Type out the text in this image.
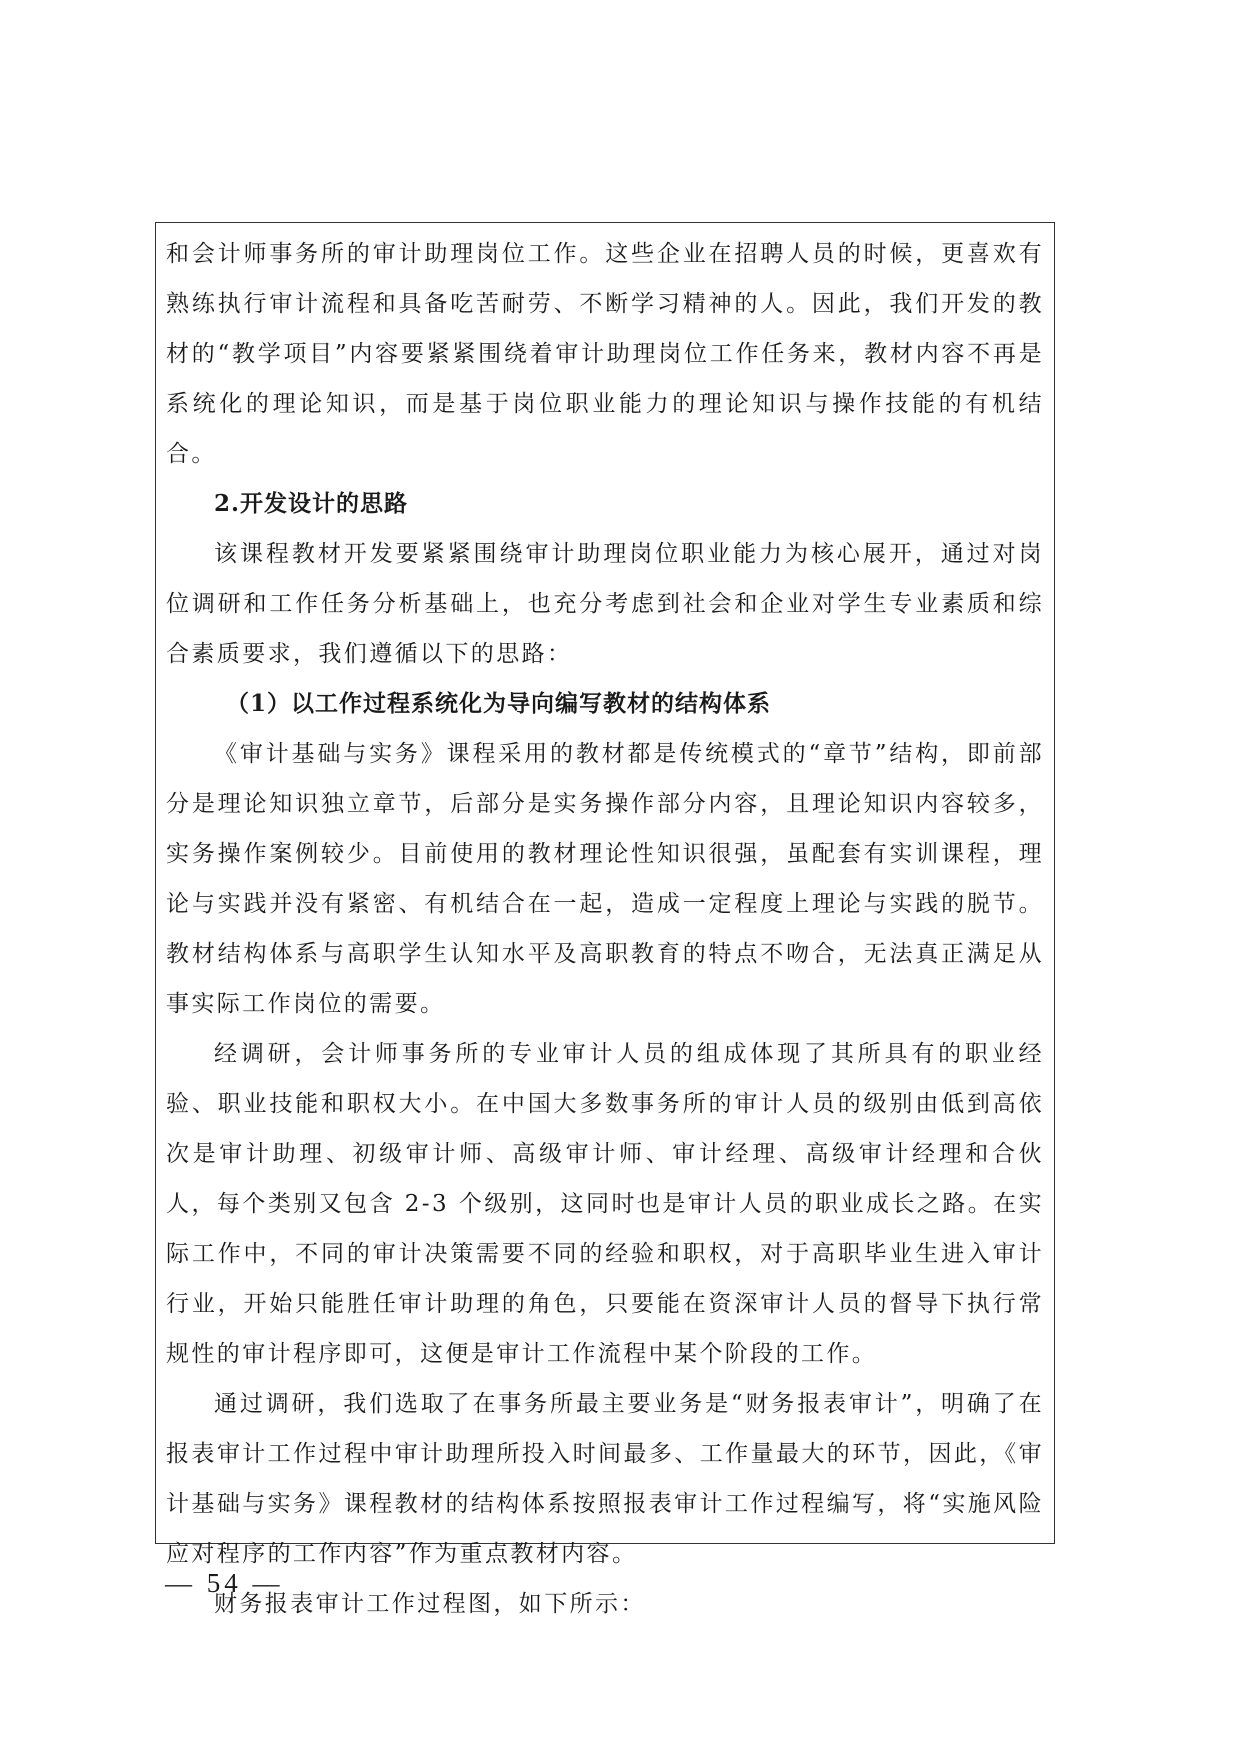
和会计师事务所的审计助理岗位工作。这些企业在招聘人员的时候，更喜欢有熟练执行审计流程和具备吃苦耐劳、不断学习精神的人。因此，我们开发的教材的“教学项目”内容要紧紧围绕着审计助理岗位工作任务来，教材内容不再是系统化的理论知识，而是基于岗位职业能力的理论知识与操作技能的有机结合。

2.开发设计的思路

该课程教材开发要紧紧围绕审计助理岗位职业能力为核心展开，通过对岗位调研和工作任务分析基础上，也充分考虑到社会和企业对学生专业素质和综合素质要求，我们遵循以下的思路：

（1）以工作过程系统化为导向编写教材的结构体系

《审计基础与实务》课程采用的教材都是传统模式的“章节”结构，即前部分是理论知识独立章节，后部分是实务操作部分内容，且理论知识内容较多，实务操作案例较少。目前使用的教材理论性知识很强，虽配套有实训课程，理论与实践并没有紧密、有机结合在一起，造成一定程度上理论与实践的脱节。教材结构体系与高职学生认知水平及高职教育的特点不吻合，无法真正满足从事实际工作岗位的需要。

经调研，会计师事务所的专业审计人员的组成体现了其所具有的职业经验、职业技能和职权大小。在中国大多数事务所的审计人员的级别由低到高依次是审计助理、初级审计师、高级审计师、审计经理、高级审计经理和合伙人，每个类别又包含 2-3 个级别，这同时也是审计人员的职业成长之路。在实际工作中，不同的审计决策需要不同的经验和职权，对于高职毕业生进入审计行业，开始只能胜任审计助理的角色，只要能在资深审计人员的督导下执行常规性的审计程序即可，这便是审计工作流程中某个阶段的工作。

通过调研，我们选取了在事务所最主要业务是“财务报表审计”，明确了在报表审计工作过程中审计助理所投入时间最多、工作量最大的环节，因此，《审计基础与实务》课程教材的结构体系按照报表审计工作过程编写，将“实施风险应对程序的工作内容”作为重点教材内容。

财务报表审计工作过程图，如下所示：

— 54 —
